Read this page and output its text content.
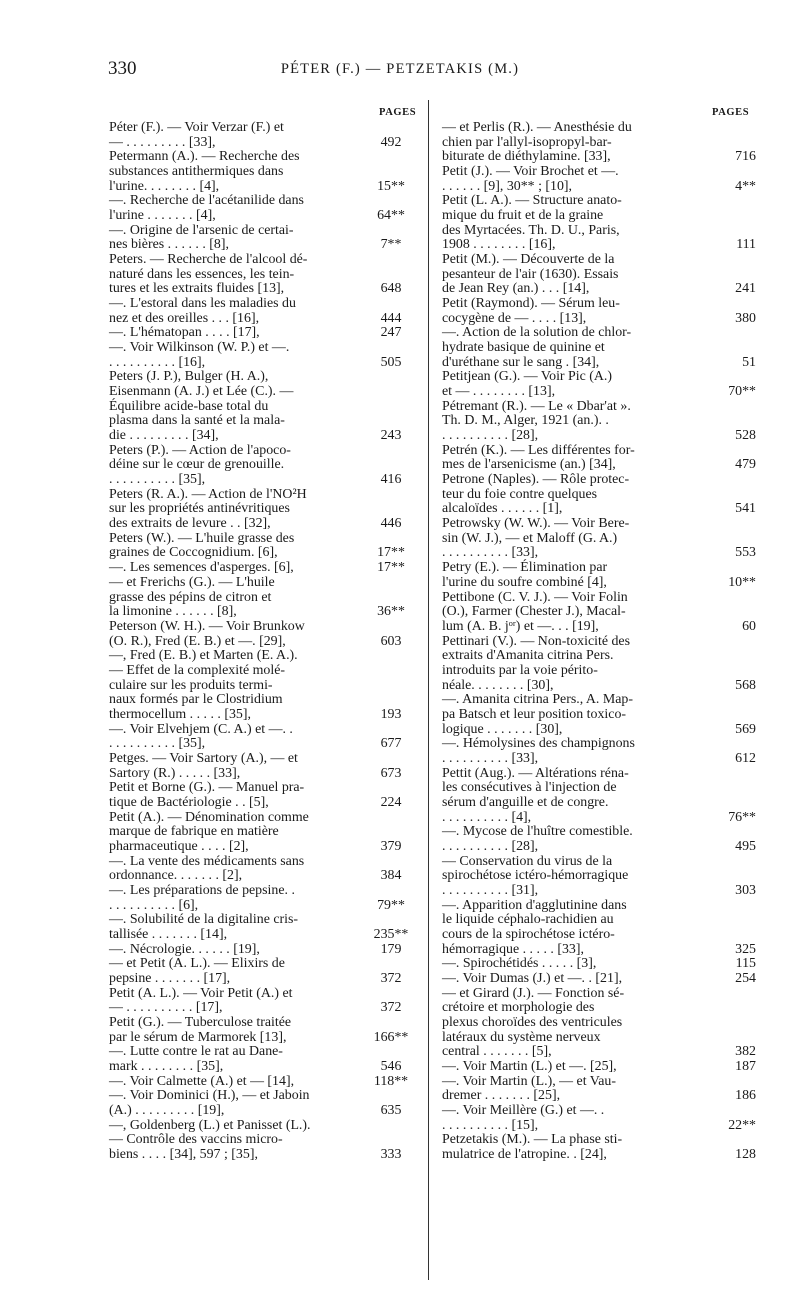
330	PÉTER (F.) — PETZETAKIS (M.)
PAGES	PAGES
Péter (F.). — Voir Verzar (F.) et
— . . . . . . . . . [33],	492
Petermann (A.). — Recherche des
substances antithermiques dans
l'urine. . . . . . . . [4],	15**
—. Recherche de l'acétanilide dans
l'urine . . . . . . . [4],	64**
—. Origine de l'arsenic de certai-
nes bières . . . . . . [8],	7**
Peters. — Recherche de l'alcool dé-
naturé dans les essences, les tein-
tures et les extraits fluides [13],	648
—. L'estoral dans les maladies du
nez et des oreilles . . . [16],	444
—. L'hématopan . . . . [17],	247
—. Voir Wilkinson (W. P.) et —.
. . . . . . . . . . [16],	505
Peters (J. P.), Bulger (H. A.),
Eisenmann (A. J.) et Lée (C.). —
Équilibre acide-base total du
plasma dans la santé et la mala-
die . . . . . . . . . [34],	243
Peters (P.). — Action de l'apoco-
déine sur le cœur de grenouille.
. . . . . . . . . . [35],	416
Peters (R. A.). — Action de l'NO²H
sur les propriétés antinévritiques
des extraits de levure . . [32],	446
Peters (W.). — L'huile grasse des
graines de Coccognidium. [6],	17**
—. Les semences d'asperges. [6],	17**
— et Frerichs (G.). — L'huile
grasse des pépins de citron et
la limonine . . . . . . [8],	36**
Peterson (W. H.). — Voir Brunkow
(O. R.), Fred (E. B.) et —. [29],	603
—, Fred (E. B.) et Marten (E. A.).
— Effet de la complexité molé-
culaire sur les produits termi-
naux formés par le Clostridium
thermocellum . . . . . [35],	193
—. Voir Elvehjem (C. A.) et —. .
. . . . . . . . . . [35],	677
Petges. — Voir Sartory (A.), — et
Sartory (R.) . . . . . [33],	673
Petit et Borne (G.). — Manuel pra-
tique de Bactériologie . . [5],	224
Petit (A.). — Dénomination comme
marque de fabrique en matière
pharmaceutique . . . . [2],	379
—. La vente des médicaments sans
ordonnance. . . . . . . [2],	384
—. Les préparations de pepsine. .
. . . . . . . . . . [6],	79**
—. Solubilité de la digitaline cris-
tallisée . . . . . . . [14],	235**
—. Nécrologie. . . . . . [19],	179
— et Petit (A. L.). — Elixirs de
pepsine . . . . . . . [17],	372
Petit (A. L.). — Voir Petit (A.) et
— . . . . . . . . . . [17],	372
Petit (G.). — Tuberculose traitée
par le sérum de Marmorek [13],	166**
—. Lutte contre le rat au Dane-
mark . . . . . . . . [35],	546
—. Voir Calmette (A.) et — [14],	118**
—. Voir Dominici (H.), — et Jaboin
(A.) . . . . . . . . . [19],	635
—, Goldenberg (L.) et Panisset (L.).
— Contrôle des vaccins micro-
biens . . . . [34], 597 ; [35],	333
— et Perlis (R.). — Anesthésie du
chien par l'allyl-isopropyl-bar-
biturate de diéthylamine. [33],	716
Petit (J.). — Voir Brochet et —.
. . . . . . [9], 30** ; [10],	4**
Petit (L. A.). — Structure anato-
mique du fruit et de la graine
des Myrtacées. Th. D. U., Paris,
1908 . . . . . . . . [16],	111
Petit (M.). — Découverte de la
pesanteur de l'air (1630). Essais
de Jean Rey (an.) . . . [14],	241
Petit (Raymond). — Sérum leu-
cocygène de — . . . . [13],	380
—. Action de la solution de chlor-
hydrate basique de quinine et
d'uréthane sur le sang . [34],	51
Petitjean (G.). — Voir Pic (A.)
et — . . . . . . . . [13],	70**
Pétremant (R.). — Le « Dbar'at ».
Th. D. M., Alger, 1921 (an.). .
. . . . . . . . . . [28],	528
Petrén (K.). — Les différentes for-
mes de l'arsenicisme (an.) [34],	479
Petrone (Naples). — Rôle protec-
teur du foie contre quelques
alcaloïdes . . . . . . [1],	541
Petrowsky (W. W.). — Voir Bere-
sin (W. J.), — et Maloff (G. A.)
. . . . . . . . . . [33],	553
Petry (E.). — Élimination par
l'urine du soufre combiné [4],	10**
Pettibone (C. V. J.). — Voir Folin
(O.), Farmer (Chester J.), Macal-
lum (A. B. jᵒʳ) et —. . . [19],	60
Pettinari (V.). — Non-toxicité des
extraits d'Amanita citrina Pers.
introduits par la voie périto-
néale. . . . . . . . [30],	568
—. Amanita citrina Pers., A. Map-
pa Batsch et leur position toxico-
logique . . . . . . . [30],	569
—. Hémolysines des champignons
. . . . . . . . . . [33],	612
Pettit (Aug.). — Altérations réna-
les consécutives à l'injection de
sérum d'anguille et de congre.
. . . . . . . . . . [4],	76**
—. Mycose de l'huître comestible.
. . . . . . . . . . [28],	495
— Conservation du virus de la
spirochétose ictéro-hémorragique
. . . . . . . . . . [31],	303
—. Apparition d'agglutinine dans
le liquide céphalo-rachidien au
cours de la spirochétose ictéro-
hémorragique . . . . . [33],	325
—. Spirochétidés . . . . . [3],	115
—. Voir Dumas (J.) et —. . [21],	254
— et Girard (J.). — Fonction sé-
crétoire et morphologie des
plexus choroïdes des ventricules
latéraux du système nerveux
central . . . . . . . [5],	382
—. Voir Martin (L.) et —. [25],	187
—. Voir Martin (L.), — et Vau-
dremer . . . . . . . [25],	186
—. Voir Meillère (G.) et —. .
. . . . . . . . . . [15],	22**
Petzetakis (M.). — La phase sti-
mulatrice de l'atropine. . [24],	128
